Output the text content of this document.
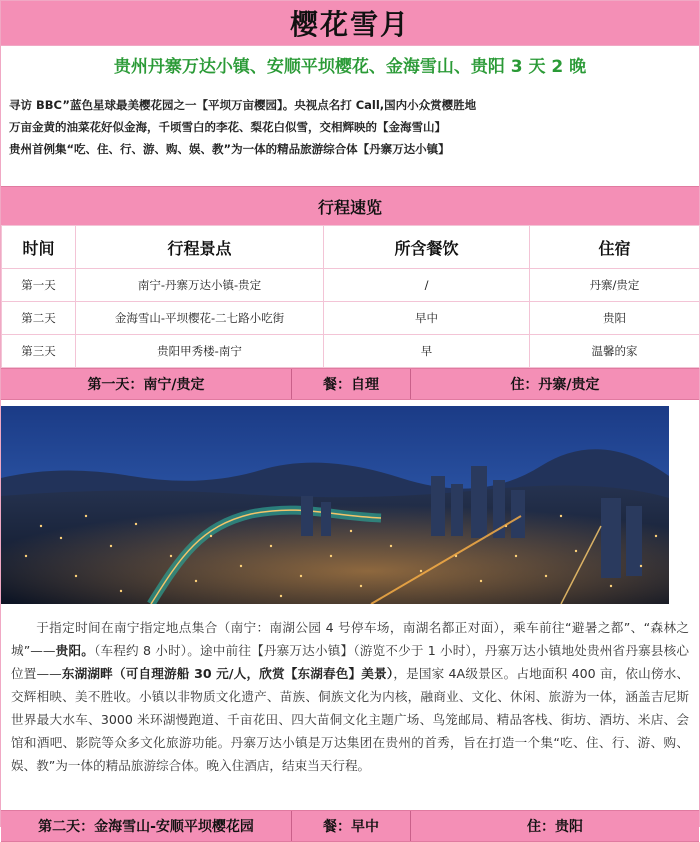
樱花雪月
贵州丹寨万达小镇、安顺平坝樱花、金海雪山、贵阳 3 天 2 晚
寻访 BBC”蓝色星球最美樱花园之一【平坝万亩樱园】。央视点名打 Call,国内小众赏樱胜地
万亩金黄的油菜花好似金海，千顷雪白的李花、梨花白似雪，交相辉映的【金海雪山】
贵州首例集“吃、住、行、游、购、娱、教”为一体的精品旅游综合体【丹寨万达小镇】
行程速览
时间	行程景点	所含餐饮	住宿
第一天	南宁-丹寨万达小镇-贵定	/	丹寨/贵定
第二天	金海雪山-平坝樱花-二七路小吃街	早中	贵阳
第三天	贵阳甲秀楼-南宁	早	温馨的家
第一天：南宁/贵定	餐：自理	住：丹寨/贵定
于指定时间在南宁指定地点集合（南宁：南湖公园 4 号停车场，南湖名都正对面），乘车前往“避暑之都”、“森林之城”——贵阳。（车程约 8 小时）。途中前往【丹寨万达小镇】（游览不少于 1 小时），丹寨万达小镇地处贵州省丹寨县核心位置——东湖湖畔（可自理游船 30 元/人，欣赏【东湖春色】美景），是国家 4A级景区。占地面积 400 亩，依山傍水、交辉相映、美不胜收。小镇以非物质文化遗产、苗族、侗族文化为内核，融商业、文化、休闲、旅游为一体，涵盖吉尼斯世界最大水车、3000 米环湖慢跑道、千亩花田、四大苗侗文化主题广场、鸟笼邮局、精品客栈、街坊、酒坊、米店、会馆和酒吧、影院等众多文化旅游功能。丹寨万达小镇是万达集团在贵州的首秀，旨在打造一个集“吃、住、行、游、购、娱、教”为一体的精品旅游综合体。晚入住酒店，结束当天行程。
第二天：金海雪山-安顺平坝樱花园	餐：早中	住：贵阳
